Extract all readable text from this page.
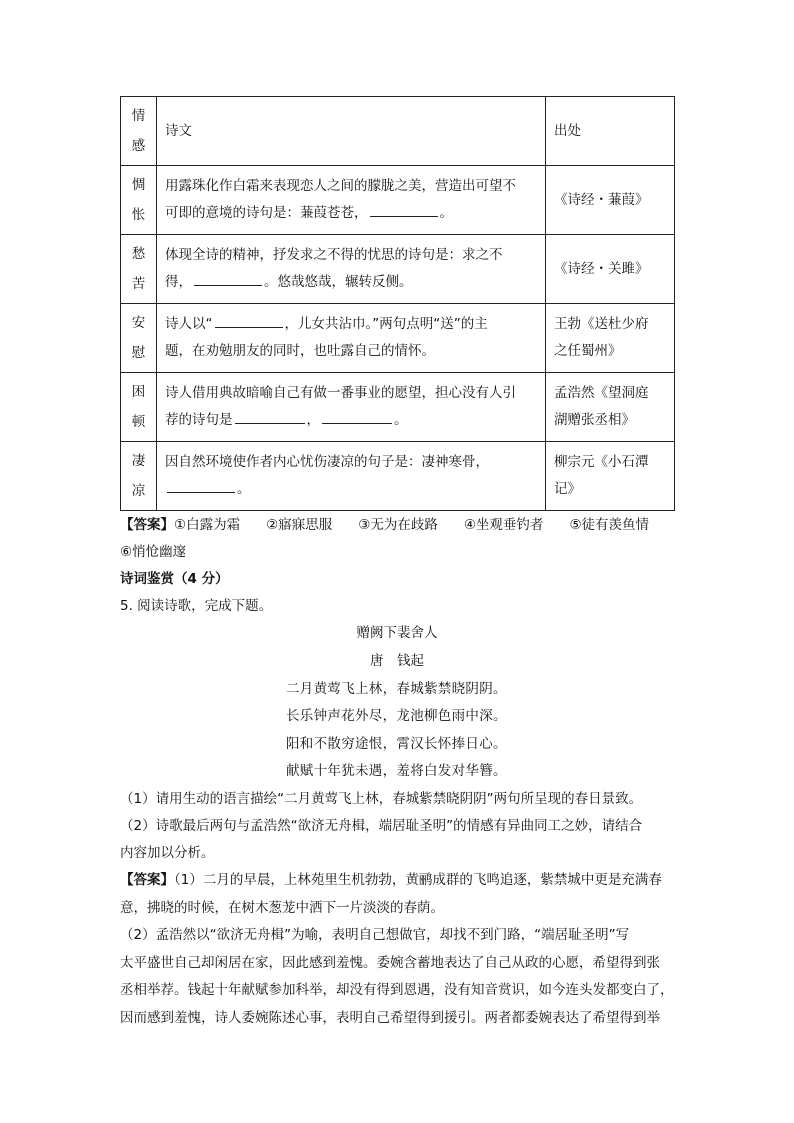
情
感	诗文	出处

惆
怅	用露珠化作白霜来表现恋人之间的朦胧之美，营造出可望不
可即的意境的诗句是：蒹葭苍苍， 。	《诗经・蒹葭》

愁
苦	体现全诗的精神，抒发求之不得的忧思的诗句是：求之不
得， 。悠哉悠哉，辗转反侧。	《诗经・关雎》

安
慰	诗人以“ ，儿女共沾巾。”两句点明“送”的主
题，在劝勉朋友的同时，也吐露自己的情怀。	王勃《送杜少府
之任蜀州》

困
顿	诗人借用典故暗喻自己有做一番事业的愿望，担心没有人引
荐的诗句是 ， 。	孟浩然《望洞庭
湖赠张丞相》

凄
凉	因自然环境使作者内心忧伤凄凉的句子是：凄神寒骨，
。	柳宗元《小石潭
记》
【答案】①白露为霜 ②寤寐思服 ③无为在歧路 ④坐观垂钓者 ⑤徒有羡鱼情
⑥悄怆幽邃
诗词鉴赏（4 分）
5. 阅读诗歌，完成下题。
赠阙下裴舍人
唐　钱起
二月黄莺飞上林，春城紫禁晓阴阴。
长乐钟声花外尽，龙池柳色雨中深。
阳和不散穷途恨，霄汉长怀捧日心。
献赋十年犹未遇，羞将白发对华簪。
（1）请用生动的语言描绘“二月黄莺飞上林，春城紫禁晓阴阴”两句所呈现的春日景致。
（2）诗歌最后两句与孟浩然“欲济无舟楫，端居耻圣明”的情感有异曲同工之妙，请结合
内容加以分析。
【答案】（1）二月的早晨，上林苑里生机勃勃，黄鹂成群的飞鸣追逐，紫禁城中更是充满春
意，拂晓的时候，在树木葱茏中洒下一片淡淡的春荫。
（2）孟浩然以“欲济无舟楫”为喻，表明自己想做官，却找不到门路，“端居耻圣明”写
太平盛世自己却闲居在家，因此感到羞愧。委婉含蓄地表达了自己从政的心愿，希望得到张
丞相举荐。钱起十年献赋参加科举，却没有得到恩遇，没有知音赏识，如今连头发都变白了，
因而感到羞愧，诗人委婉陈述心事，表明自己希望得到援引。两者都委婉表达了希望得到举
